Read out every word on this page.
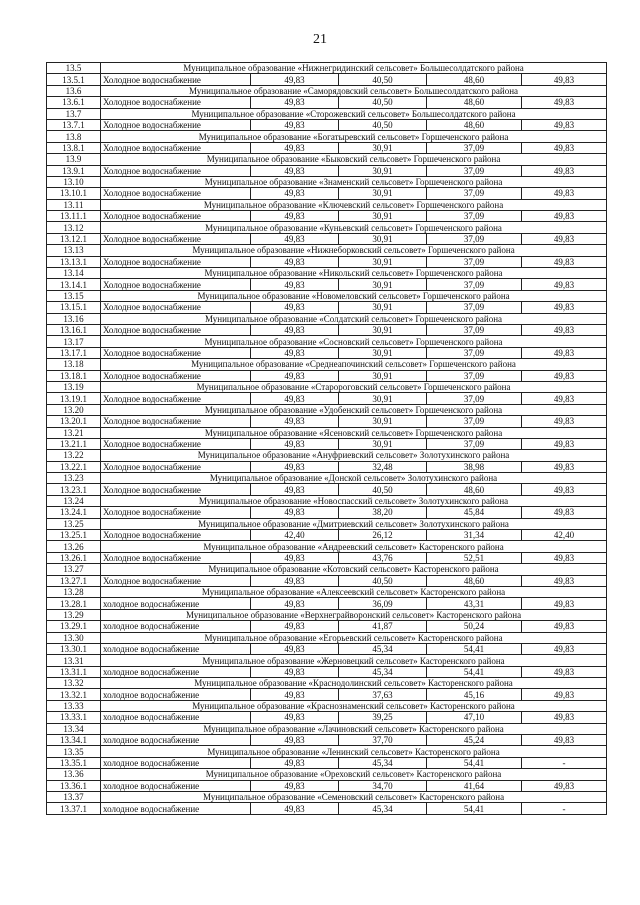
21
13.5	Муниципальное образование «Нижнегридинский сельсовет» Большесолдатского района				
13.5.1	Холодное водоснабжение	49,83	40,50	48,60	49,83
13.6	Муниципальное образование «Саморядовский сельсовет» Большесолдатского района				
13.6.1	Холодное водоснабжение	49,83	40,50	48,60	49,83
13.7	Муниципальное образование «Сторожевский сельсовет» Большесолдатского района				
13.7.1	Холодное водоснабжение	49,83	40,50	48,60	49,83
13.8	Муниципальное образование «Богатыревский сельсовет» Горшеченского района				
13.8.1	Холодное водоснабжение	49,83	30,91	37,09	49,83
13.9	Муниципальное образование «Быковский сельсовет» Горшеченского района				
13.9.1	Холодное водоснабжение	49,83	30,91	37,09	49,83
13.10	Муниципальное образование «Знаменский сельсовет» Горшеченского района				
13.10.1	Холодное водоснабжение	49,83	30,91	37,09	49,83
13.11	Муниципальное образование «Ключевский сельсовет» Горшеченского района				
13.11.1	Холодное водоснабжение	49,83	30,91	37,09	49,83
13.12	Муниципальное образование «Куньевский сельсовет» Горшеченского района				
13.12.1	Холодное водоснабжение	49,83	30,91	37,09	49,83
13.13	Муниципальное образование «Нижнеборковский сельсовет» Горшеченского района				
13.13.1	Холодное водоснабжение	49,83	30,91	37,09	49,83
13.14	Муниципальное образование «Никольский сельсовет» Горшеченского района				
13.14.1	Холодное водоснабжение	49,83	30,91	37,09	49,83
13.15	Муниципальное образование «Новомеловский сельсовет» Горшеченского района				
13.15.1	Холодное водоснабжение	49,83	30,91	37,09	49,83
13.16	Муниципальное образование «Солдатский сельсовет» Горшеченского района				
13.16.1	Холодное водоснабжение	49,83	30,91	37,09	49,83
13.17	Муниципальное образование «Сосновский сельсовет» Горшеченского района				
13.17.1	Холодное водоснабжение	49,83	30,91	37,09	49,83
13.18	Муниципальное образование «Среднеапочинский сельсовет» Горшеченского района				
13.18.1	Холодное водоснабжение	49,83	30,91	37,09	49,83
13.19	Муниципальное образование «Старороговский сельсовет» Горшеченского района				
13.19.1	Холодное водоснабжение	49,83	30,91	37,09	49,83
13.20	Муниципальное образование «Удобенский сельсовет» Горшеченского района				
13.20.1	Холодное водоснабжение	49,83	30,91	37,09	49,83
13.21	Муниципальное образование «Ясеновский сельсовет» Горшеченского района				
13.21.1	Холодное водоснабжение	49,83	30,91	37,09	49,83
13.22	Муниципальное образование «Ануфриевский сельсовет» Золотухинского района				
13.22.1	Холодное водоснабжение	49,83	32,48	38,98	49,83
13.23	Муниципальное образование «Донской сельсовет» Золотухинского района				
13.23.1	Холодное водоснабжение	49,83	40,50	48,60	49,83
13.24	Муниципальное образование «Новоспасский сельсовет» Золотухинского района				
13.24.1	Холодное водоснабжение	49,83	38,20	45,84	49,83
13.25	Муниципальное образование «Дмитриевский сельсовет» Золотухинского района				
13.25.1	Холодное водоснабжение	42,40	26,12	31,34	42,40
13.26	Муниципальное образование «Андреевский сельсовет» Касторенского района				
13.26.1	Холодное водоснабжение	49,83	43,76	52,51	49,83
13.27	Муниципальное образование «Котовский сельсовет» Касторенского района				
13.27.1	Холодное водоснабжение	49,83	40,50	48,60	49,83
13.28	Муниципальное образование «Алексеевский сельсовет» Касторенского района				
13.28.1	холодное водоснабжение	49,83	36,09	43,31	49,83
13.29	Муниципальное образование «Верхнеграйворонский сельсовет» Касторенского района				
13.29.1	холодное водоснабжение	49,83	41,87	50,24	49,83
13.30	Муниципальное образование «Егорьевский сельсовет» Касторенского района				
13.30.1	холодное водоснабжение	49,83	45,34	54,41	49,83
13.31	Муниципальное образование «Жерновецкий сельсовет» Касторенского района				
13.31.1	холодное водоснабжение	49,83	45,34	54,41	49,83
13.32	Муниципальное образование «Краснодолинский сельсовет» Касторенского района				
13.32.1	холодное водоснабжение	49,83	37,63	45,16	49,83
13.33	Муниципальное образование «Краснознаменский сельсовет» Касторенского района				
13.33.1	холодное водоснабжение	49,83	39,25	47,10	49,83
13.34	Муниципальное образование «Лачиновский сельсовет» Касторенского района				
13.34.1	холодное водоснабжение	49,83	37,70	45,24	49,83
13.35	Муниципальное образование «Ленинский сельсовет» Касторенского района				
13.35.1	холодное водоснабжение	49,83	45,34	54,41	-
13.36	Муниципальное образование «Ореховский сельсовет» Касторенского района				
13.36.1	холодное водоснабжение	49,83	34,70	41,64	49,83
13.37	Муниципальное образование «Семеновский сельсовет» Касторенского района				
13.37.1	холодное водоснабжение	49,83	45,34	54,41	-
